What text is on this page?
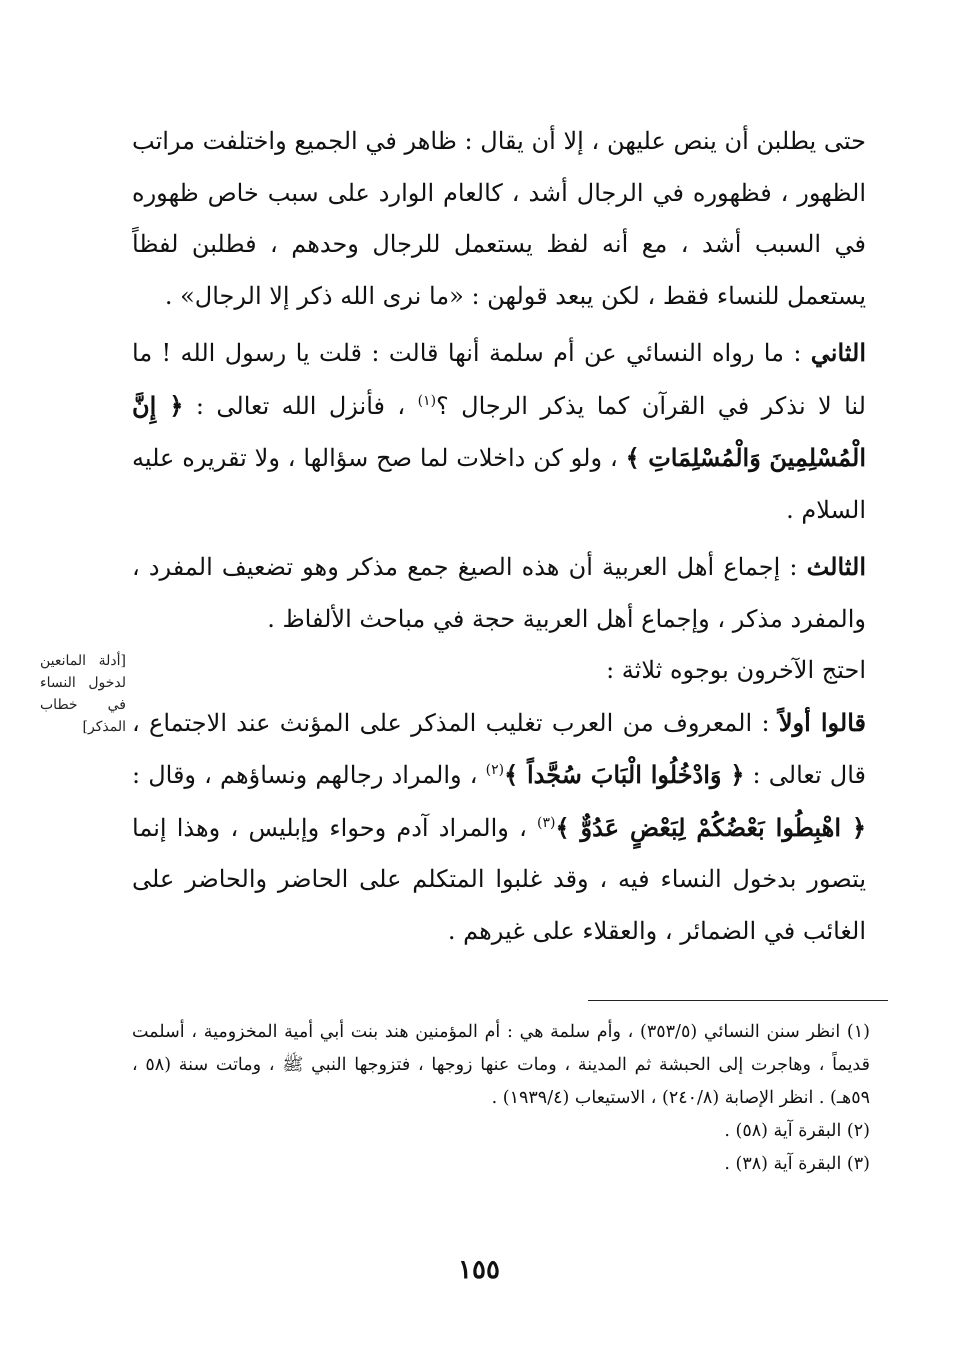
حتى يطلبن أن ينص عليهن ، إلا أن يقال : ظاهر في الجميع واختلفت مراتب الظهور ، فظهوره في الرجال أشد ، كالعام الوارد على سبب خاص ظهوره في السبب أشد ، مع أنه لفظ يستعمل للرجال وحدهم ، فطلبن لفظاً يستعمل للنساء فقط ، لكن يبعد قولهن : «ما نرى الله ذكر إلا الرجال» .

الثاني : ما رواه النسائي عن أم سلمة أنها قالت : قلت يا رسول الله ! ما لنا لا نذكر في القرآن كما يذكر الرجال ؟$^{(١)}$ ، فأنزل الله تعالى : ﴿ إِنَّ الْمُسْلِمِينَ وَالْمُسْلِمَاتِ ﴾ ، ولو كن داخلات لما صح سؤالها ، ولا تقريره عليه السلام .

الثالث : إجماع أهل العربية أن هذه الصيغ جمع مذكر وهو تضعيف المفرد ، والمفرد مذكر ، وإجماع أهل العربية حجة في مباحث الألفاظ .

احتج الآخرون بوجوه ثلاثة :

قالوا أولاً : المعروف من العرب تغليب المذكر على المؤنث عند الاجتماع ، قال تعالى : ﴿ وَادْخُلُوا الْبَابَ سُجَّداً ﴾$^{(٢)}$ ، والمراد رجالهم ونساؤهم ، وقال : ﴿ اهْبِطُوا بَعْضُكُمْ لِبَعْضٍ عَدُوٌّ ﴾$^{(٣)}$ ، والمراد آدم وحواء وإبليس ، وهذا إنما يتصور بدخول النساء فيه ، وقد غلبوا المتكلم على الحاضر والحاضر على الغائب في الضمائر ، والعقلاء على غيرهم .

[أدلة المانعين لدخول النساء في خطاب المذكر]

(١) انظر سنن النسائي (٣٥٣/٥) ، وأم سلمة هي : أم المؤمنين هند بنت أبي أمية المخزومية ، أسلمت قديماً ، وهاجرت إلى الحبشة ثم المدينة ، ومات عنها زوجها ، فتزوجها النبي ﷺ ، وماتت سنة (٥٨ ، ٥٩هـ) . انظر الإصابة (٢٤٠/٨) ، الاستيعاب (١٩٣٩/٤) .

(٢) البقرة آية (٥٨) .

(٣) البقرة آية (٣٨) .

١٥٥
